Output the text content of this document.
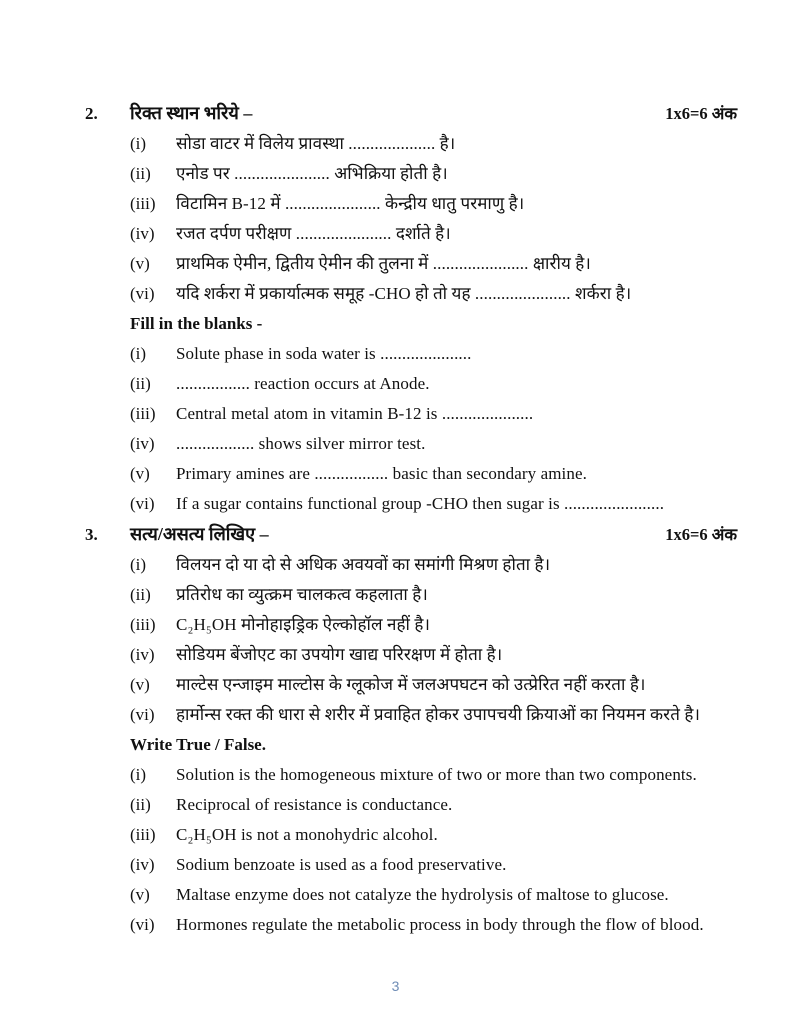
2.	रिक्त स्थान भरिये –	1x6=6 अंक
(i)	सोडा वाटर में विलेय प्रावस्था .................... है।
(ii)	एनोड पर ...................... अभिक्रिया होती है।
(iii)	विटामिन B-12 में ...................... केन्द्रीय धातु परमाणु है।
(iv)	रजत दर्पण परीक्षण ...................... दर्शाते है।
(v)	प्राथमिक ऐमीन, द्वितीय ऐमीन की तुलना में ...................... क्षारीय है।
(vi)	यदि शर्करा में प्रकार्यात्मक समूह -CHO हो तो यह ...................... शर्करा है।
Fill in the blanks -
(i)	Solute phase in soda water is .....................
(ii)	................. reaction occurs at Anode.
(iii)	Central metal atom in vitamin B-12 is .....................
(iv)	.................. shows silver mirror test.
(v)	Primary amines are ................. basic than secondary amine.
(vi)	If a sugar contains functional group -CHO then sugar is .......................
3.	सत्य/असत्य लिखिए –	1x6=6 अंक
(i)	विलयन दो या दो से अधिक अवयवों का समांगी मिश्रण होता है।
(ii)	प्रतिरोध का व्युत्क्रम चालकत्व कहलाता है।
(iii)	C₂H₅OH मोनोहाइड्रिक ऐल्कोहॉल नहीं है।
(iv)	सोडियम बेंजोएट का उपयोग खाद्य परिरक्षण में होता है।
(v)	माल्टेस एन्जाइम माल्टोस के ग्लूकोज में जलअपघटन को उत्प्रेरित नहीं करता है।
(vi)	हार्मोन्स रक्त की धारा से शरीर में प्रवाहित होकर उपापचयी क्रियाओं का नियमन करते है।
Write True / False.
(i)	Solution is the homogeneous mixture of two or more than two components.
(ii)	Reciprocal of resistance is conductance.
(iii)	C₂H₅OH is not a monohydric alcohol.
(iv)	Sodium benzoate is used as a food preservative.
(v)	Maltase enzyme does not catalyze the hydrolysis of maltose to glucose.
(vi)	Hormones regulate the metabolic process in body through the flow of blood.
3
